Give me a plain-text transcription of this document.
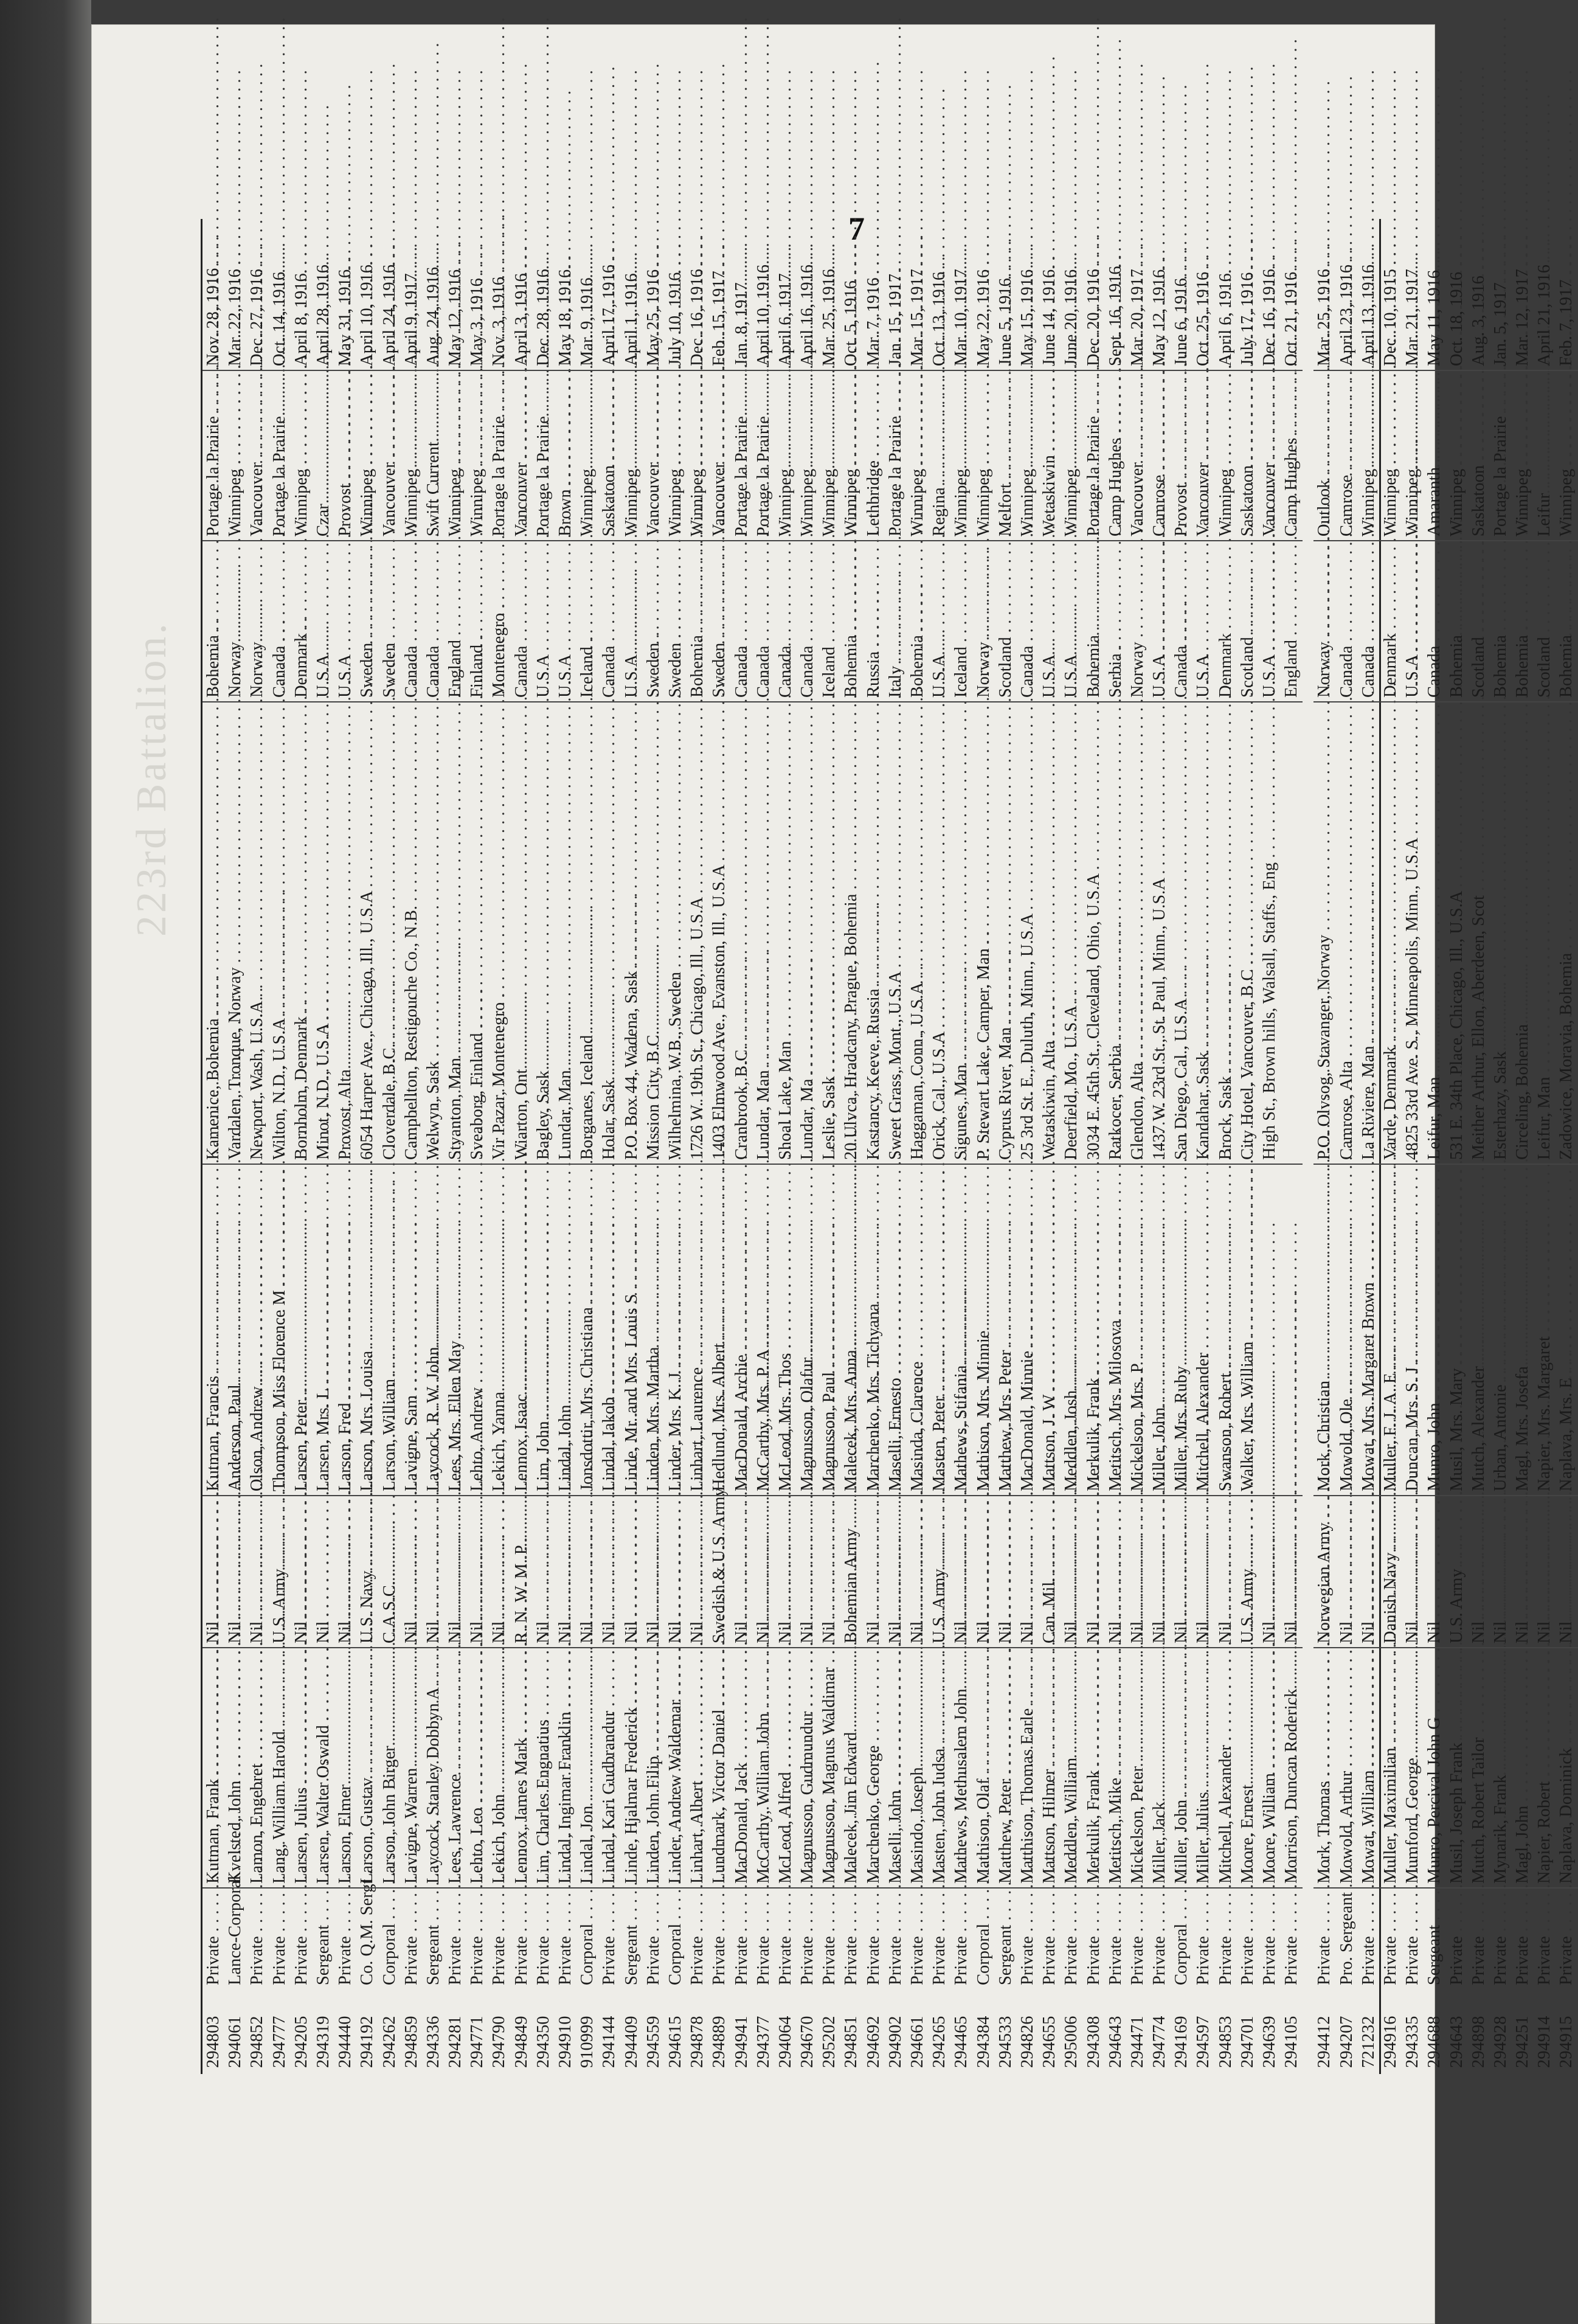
223rd Battalion.
7
294803
Private . . .
Kutman, Frank . . .
Nil . . .
Kutman, Francis . . .
Kamenice, Bohemia . . .
Bohemia . . .
Portage la Prairie . . .
Nov. 28, 1916
294061
Lance-Corporal . . .
Kvelsted, John . . .
Nil . . .
Anderson, Paul . . .
Vardalen, Tronque, Norway . . .
Norway . . .
Winnipeg . . .
Mar. 22, 1916
294852
Private . . .
Lamon, Engebret . . .
Nil . . .
Olson, Andrew . . .
Newport, Wash, U.S.A . . .
Norway . . .
Vancouver . . .
Dec. 27, 1916
294777
Private . . .
Lang, William Harold . . .
U.S. Army . . .
Thompson, Miss Florence M . . .
Wilton, N.D., U.S.A . . .
Canada . . .
Portage la Prairie . . .
Oct. 14, 1916
294205
Private . . .
Larsen, Julius . . .
Nil . . .
Larsen, Peter . . .
Bornholm, Denmark . . .
Denmark . . .
Winnipeg . . .
April 8, 1916
294319
Sergeant . . .
Larsen, Walter Oswald . . .
Nil . . .
Larsen, Mrs. L . . .
Minot, N.D., U.S.A . . .
U.S.A . . .
Czar . . .
April 28, 1916
294440
Private . . .
Larson, Elmer . . .
Nil . . .
Larson, Fred . . .
Provost, Alta . . .
U.S.A . . .
Provost . . .
May 31, 1916
294192
Co. Q.M. Sergt . . .
Larson, Gustav . . .
U.S. Navy . . .
Larson, Mrs. Louisa . . .
6054 Harper Ave., Chicago, Ill., U.S.A . . .
Sweden . . .
Winnipeg . . .
April 10, 1916
294262
Corporal . . .
Larson, John Birger . . .
C.A.S.C. . . .
Larson, William . . .
Cloverdale, B.C. . . .
Sweden . . .
Vancouver . . .
April 24, 1916
294859
Private . . .
Lavigne, Warren . . .
Nil . . .
Lavigne, Sam . . .
Campbellton, Restigouche Co., N.B. . . .
Canada . . .
Winnipeg . . .
April 9, 1917
294336
Sergeant . . .
Laycock, Stanley Dobbyn A . . .
Nil . . .
Laycock, R. W. John . . .
Welwyn, Sask . . .
Canada . . .
Swift Current . . .
Aug. 24, 1916
294281
Private . . .
Lees, Lawrence . . .
Nil . . .
Lees, Mrs. Ellen May . . .
Styanton, Man . . .
England . . .
Winnipeg . . .
May 12, 1916
294771
Private . . .
Lehto, Leo . . .
Nil . . .
Lehto, Andrew . . .
Sveaborg, Finland . . .
Finland . . .
Winnipeg . . .
May 3, 1916
294790
Private . . .
Lekich, John . . .
Nil . . .
Lekich, Yanna . . .
Vir Pazar, Montenegro . . .
Montenegro . . .
Portage la Prairie . . .
Nov. 3, 1916
294849
Private . . .
Lennox, James Mark . . .
R. N. W. M. P. . . .
Lennox, Isaac . . .
Wiarton, Ont . . .
Canada . . .
Vancouver . . .
April 3, 1916
294350
Private . . .
Lim, Charles Engnatius . . .
Nil . . .
Lim, John . . .
Bagley, Sask . . .
U.S.A . . .
Portage la Prairie . . .
Dec. 28, 1916
294910
Private . . .
Lindal, Ingimar Franklin . . .
Nil . . .
Lindal, John . . .
Lundar, Man . . .
U.S.A . . .
Brown . . .
May 18, 1916
910999
Corporal . . .
Lindal, Jon . . .
Nil . . .
Jonsdottir, Mrs. Christiana . . .
Borganes, Iceland . . .
Iceland . . .
Winnipeg . . .
Mar. 9, 1916
294144
Private . . .
Lindal, Kari Gudbrandur . . .
Nil . . .
Lindal, Jakob . . .
Holar, Sask . . .
Canada . . .
Saskatoon . . .
April 17, 1916
294409
Sergeant . . .
Linde, Hjalmar Frederick . . .
Nil . . .
Linde, Mr. and Mrs. Louis S . . .
P.O. Box 44, Wadena, Sask . . .
U.S.A . . .
Winnipeg . . .
April 1, 1916
294559
Private . . .
Linden, John Filip . . .
Nil . . .
Linden, Mrs. Martha . . .
Mission City, B.C. . . .
Sweden . . .
Vancouver . . .
May 25, 1916
294615
Corporal . . .
Linder, Andrew Waldemar . . .
Nil . . .
Linder, Mrs. K. J . . .
Wilhelmina, W.B., Sweden . . .
Sweden . . .
Winnipeg . . .
July 10, 1916
294878
Private . . .
Linhart, Albert . . .
Nil . . .
Linhart, Laurence . . .
1726 W. 19th St., Chicago, Ill., U.S.A . . .
Bohemia . . .
Winnipeg . . .
Dec. 16, 1916
294889
Private . . .
Lundmark, Victor Daniel . . .
Swedish & U.S. Army . . .
Hedlund, Mrs. Albert . . .
1403 Elmwood Ave., Evanston, Ill., U.S.A . . .
Sweden . . .
Vancouver . . .
Feb. 15, 1917
294941
Private . . .
MacDonald, Jack . . .
Nil . . .
MacDonald, Archie . . .
Cranbrook, B.C. . . .
Canada . . .
Portage la Prairie . . .
Jan. 8, 1917
294377
Private . . .
McCarthy, William John . . .
Nil . . .
McCarthy, Mrs. P. A . . .
Lundar, Man . . .
Canada . . .
Portage la Prairie . . .
April 10, 1916
294064
Private . . .
McLeod, Alfred . . .
Nil . . .
McLeod, Mrs. Thos . . .
Shoal Lake, Man . . .
Canada . . .
Winnipeg . . .
April 6, 1917
294670
Private . . .
Magnusson, Gudmundur . . .
Nil . . .
Magnusson, Olafur . . .
Lundar, Ma . . .
Canada . . .
Winnipeg . . .
April 16, 1916
295202
Private . . .
Magnusson, Magnus Waldimar . . .
Nil . . .
Magnusson, Paul . . .
Leslie, Sask . . .
Iceland . . .
Winnipeg . . .
Mar. 25, 1916
294851
Private . . .
Malecek, Jim Edward . . .
Bohemian Army . . .
Malecek, Mrs. Anna . . .
20 Ulvca, Hradcany, Prague, Bohemia . . .
Bohemia . . .
Winnipeg . . .
Oct. 5, 1916
294692
Private . . .
Marchenko, George . . .
Nil . . .
Marchenko, Mrs. Tichyana . . .
Kastancy, Keeve, Russia . . .
Russia . . .
Lethbridge . . .
Mar. 7, 1916
294902
Private . . .
Maselli, John . . .
Nil . . .
Maselli, Ernesto . . .
Sweet Grass, Mont., U.S.A . . .
Italy . . .
Portage la Prairie . . .
Jan. 15, 1917
294661
Private . . .
Masindo, Joseph . . .
Nil . . .
Masinda, Clarence . . .
Haggaman, Conn., U.S.A . . .
Bohemia . . .
Winnipeg . . .
Mar. 15, 1917
294265
Private . . .
Masten, John Judsa . . .
U.S. Army . . .
Masten, Peter . . .
Orick, Cal., U.S.A . . .
U.S.A . . .
Regina . . .
Oct. 13, 1916
294465
Private . . .
Mathews, Methusalem John . . .
Nil . . .
Mathews, Stifania . . .
Sigunes, Man . . .
Iceland . . .
Winnipeg . . .
Mar. 10, 1917
294384
Corporal . . .
Mathison, Olaf . . .
Nil . . .
Mathison, Mrs. Minnie . . .
P. Stewart Lake, Camper, Man . . .
Norway . . .
Winnipeg . . .
May 22, 1916
294533
Sergeant . . .
Matthew, Peter . . .
Nil . . .
Matthew, Mrs. Peter . . .
Cyprus River, Man . . .
Scotland . . .
Melfort . . .
June 5, 1916
294826
Private . . .
Matthison, Thomas Earle . . .
Nil . . .
MacDonald, Minnie . . .
25 3rd St. E., Duluth, Minn., U.S.A . . .
Canada . . .
Winnipeg . . .
May 15, 1916
294655
Private . . .
Mattson, Hilmer . . .
Can. Mil. . . .
Mattson, J. W . . .
Wetaskiwin, Alta . . .
U.S.A . . .
Wetaskiwin . . .
June 14, 1916
295006
Private . . .
Meddlen, William . . .
Nil . . .
Meddlen, Josh . . .
Deerfield, Mo., U.S.A . . .
U.S.A . . .
Winnipeg . . .
June 20, 1916
294308
Private . . .
Merkulik, Frank . . .
Nil . . .
Merkulik, Frank . . .
3034 E. 45th St., Cleveland, Ohio, U.S.A . . .
Bohemia . . .
Portage la Prairie . . .
Dec. 20, 1916
294643
Private . . .
Metitsch, Mike . . .
Nil . . .
Metitsch, Mrs. Milosova . . .
Ratkocer, Serbia . . .
Serbia . . .
Camp Hughes . . .
Sept. 16, 1916
294471
Private . . .
Mickelson, Peter . . .
Nil . . .
Mickelson, Mrs. P . . .
Glendon, Alta . . .
Norway . . .
Vancouver . . .
Mar. 20, 1917
294774
Private . . .
Miller, Jack . . .
Nil . . .
Miller, John . . .
1437 W. 23rd St., St. Paul, Minn., U.S.A . . .
U.S.A . . .
Camrose . . .
May 12, 1916
294169
Corporal . . .
Miller, John . . .
Nil . . .
Miller, Mrs. Ruby . . .
San Diego, Cal., U.S.A . . .
Canada . . .
Provost . . .
June 6, 1916
294597
Private . . .
Miller, Julius . . .
Nil . . .
Mitchell, Alexander . . .
Kandahar, Sask . . .
U.S.A . . .
Vancouver . . .
Oct. 25, 1916
294853
Private . . .
Mitchell, Alexander . . .
Nil . . .
Swanson, Robert . . .
Brock, Sask . . .
Denmark . . .
Winnipeg . . .
April 6, 1916
294701
Private . . .
Moore, Ernest . . .
U.S. Army . . .
Walker, Mrs. William . . .
City Hotel, Vancouver, B.C . . .
Scotland . . .
Saskatoon . . .
July 17, 1916
294639
Private . . .
Moore, William . . .
Nil . . .
High St., Brown hills, Walsall, Staffs., Eng . . .
U.S.A . . .
Vancouver . . .
Dec. 16, 1916
294105
Private . . .
Morrison, Duncan Roderick . . .
Nil . . .
England . . .
Camp Hughes . . .
Oct. 21, 1916
294412
Private . . .
Mork, Thomas . . .
Norwegian Army . . .
Mork, Christian . . .
P.O. Olvsog, Stavanger, Norway . . .
Norway . . .
Outlook . . .
Mar. 25, 1916
294207
Pro. Sergeant . . .
Mowold, Arthur . . .
Nil . . .
Mowold, Ole . . .
Camrose, Alta . . .
Canada . . .
Camrose . . .
April 23, 1916
721232
Private . . .
Mowat, William . . .
Nil . . .
Mowat, Mrs. Margaret Brown . . .
La Riviere, Man . . .
Canada . . .
Winnipeg . . .
April 13, 1916
294916
Private . . .
Muller, Maximilian . . .
Danish Navy . . .
Muller, F. J. A. E . . .
Varde, Denmark . . .
Denmark . . .
Winnipeg . . .
Dec. 10, 1915
294335
Private . . .
Mumford, George . . .
Nil . . .
Duncan, Mrs. S. J . . .
4825 33rd Ave. S., Minneapolis, Minn., U.S.A . . .
U.S.A . . .
Winnipeg . . .
Mar. 21, 1917
294688
Sergeant . . .
Munro, Percival John G . . .
Nil . . .
Munro, John . . .
Leifur, Man . . .
Canada . . .
Amaranth . . .
May 11, 1916
294643
Private . . .
Musil, Joseph Frank . . .
U.S. Army . . .
Musil, Mrs. Mary . . .
531 E. 34th Place, Chicago, Ill., U.S.A . . .
Bohemia . . .
Winnipeg . . .
Oct. 18, 1916
294898
Private . . .
Mutch, Robert Tailor . . .
Nil . . .
Mutch, Alexander . . .
Meither Arthur, Ellon, Aberdeen, Scot . . .
Scotland . . .
Saskatoon . . .
Aug. 3, 1916
294928
Private . . .
Mynarik, Frank . . .
Nil . . .
Urban, Antonie . . .
Esterhazy, Sask . . .
Bohemia . . .
Portage la Prairie . . .
Jan. 5, 1917
294251
Private . . .
Magl, John . . .
Nil . . .
Magl, Mrs. Josefa . . .
Circeling, Bohemia . . .
Bohemia . . .
Winnipeg . . .
Mar. 12, 1917
294914
Private . . .
Napier, Robert . . .
Nil . . .
Napier, Mrs. Margaret . . .
Leifur, Man . . .
Scotland . . .
Leifur . . .
April 21, 1916
294915
Private . . .
Naplava, Dominick . . .
Nil . . .
Naplava, Mrs. E . . .
Zadowice, Moravia, Bohemia . . .
Bohemia . . .
Winnipeg . . .
Feb. 7, 1917
